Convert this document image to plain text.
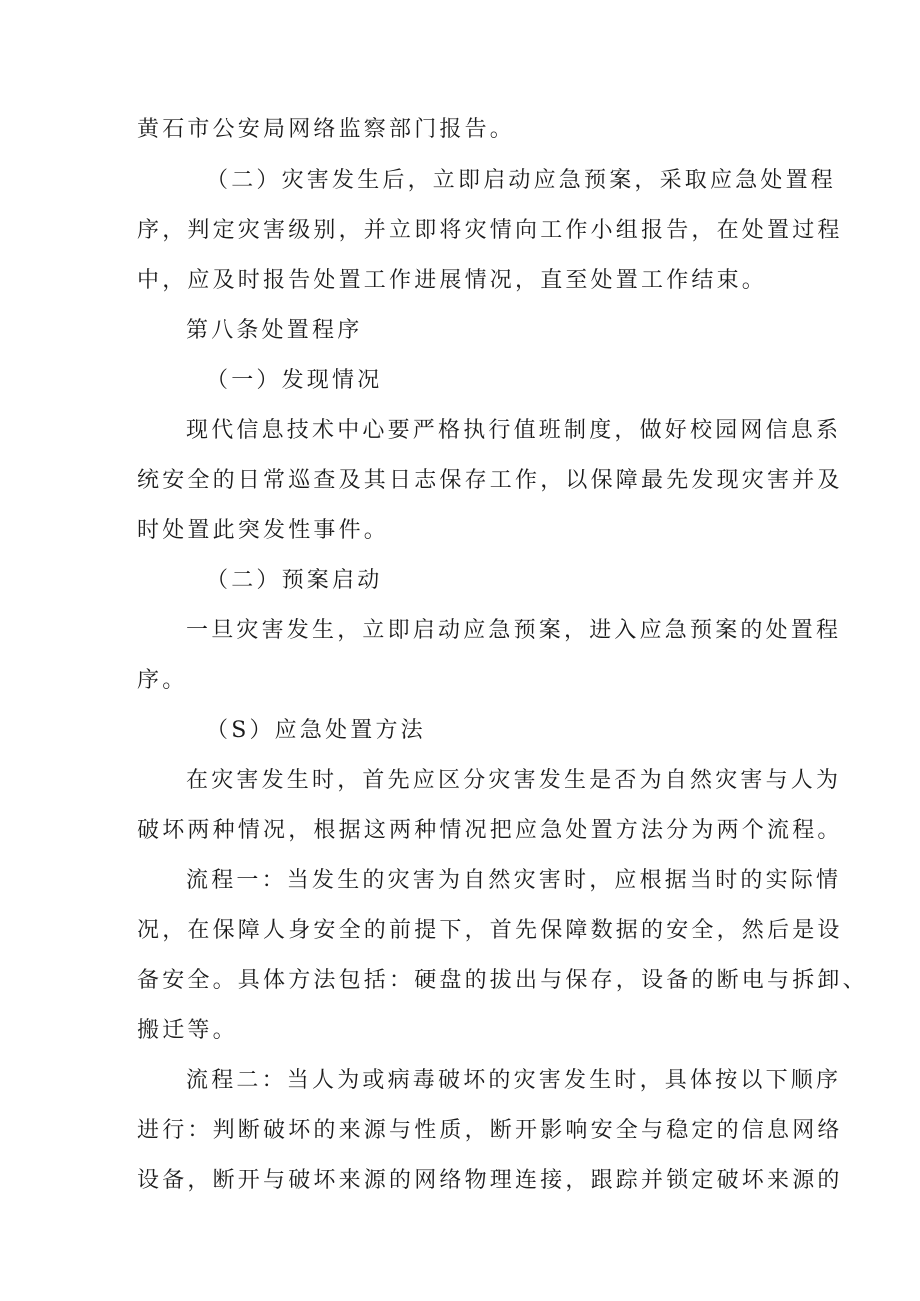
黄石市公安局网络监察部门报告。
（二）灾害发生后，立即启动应急预案，采取应急处置程
序，判定灾害级别，并立即将灾情向工作小组报告，在处置过程
中，应及时报告处置工作进展情况，直至处置工作结束。
第八条处置程序
（一）发现情况
现代信息技术中心要严格执行值班制度，做好校园网信息系
统安全的日常巡查及其日志保存工作，以保障最先发现灾害并及
时处置此突发性事件。
（二）预案启动
一旦灾害发生，立即启动应急预案，进入应急预案的处置程
序。
（S）应急处置方法
在灾害发生时，首先应区分灾害发生是否为自然灾害与人为
破坏两种情况，根据这两种情况把应急处置方法分为两个流程。
流程一：当发生的灾害为自然灾害时，应根据当时的实际情
况，在保障人身安全的前提下，首先保障数据的安全，然后是设
备安全。具体方法包括：硬盘的拔出与保存，设备的断电与拆卸、
搬迁等。
流程二：当人为或病毒破坏的灾害发生时，具体按以下顺序
进行：判断破坏的来源与性质，断开影响安全与稳定的信息网络
设备，断开与破坏来源的网络物理连接，跟踪并锁定破坏来源的
